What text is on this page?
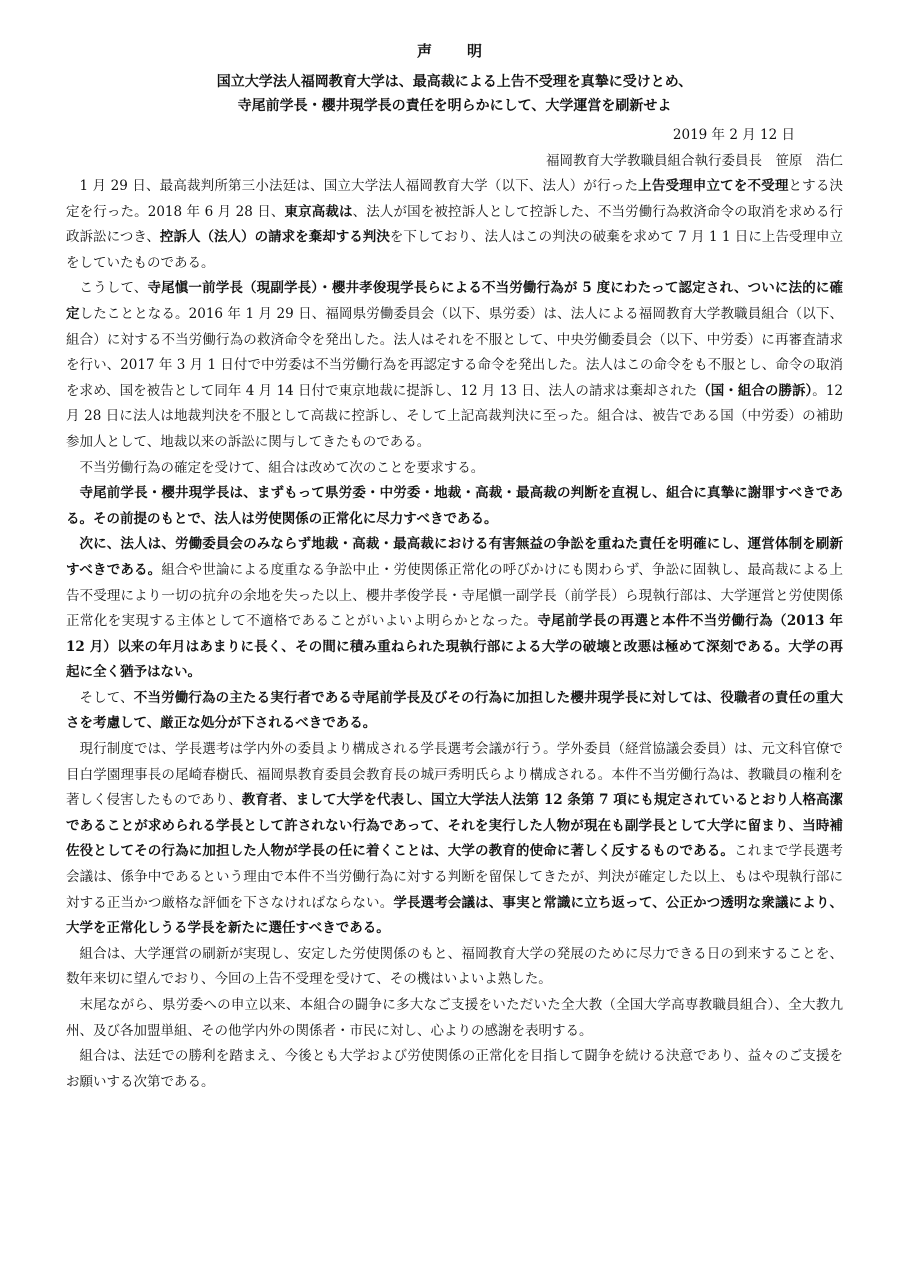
声　明
国立大学法人福岡教育大学は、最高裁による上告不受理を真摯に受けとめ、
寺尾前学長・櫻井現学長の責任を明らかにして、大学運営を刷新せよ
2019 年 2 月 12 日
福岡教育大学教職員組合執行委員長　笹原　浩仁

1 月 29 日、最高裁判所第三小法廷は、国立大学法人福岡教育大学（以下、法人）が行った上告受理申立てを不受理とする決定を行った。2018 年 6 月 28 日、東京高裁は、法人が国を被控訴人として控訴した、不当労働行為救済命令の取消を求める行政訴訟につき、控訴人（法人）の請求を棄却する判決を下しており、法人はこの判決の破棄を求めて 7 月 1 1 日に上告受理申立をしていたものである。

こうして、寺尾愼一前学長（現副学長）・櫻井孝俊現学長らによる不当労働行為が 5 度にわたって認定され、ついに法的に確定したこととなる。2016 年 1 月 29 日、福岡県労働委員会（以下、県労委）は、法人による福岡教育大学教職員組合（以下、組合）に対する不当労働行為の救済命令を発出した。法人はそれを不服として、中央労働委員会（以下、中労委）に再審査請求を行い、2017 年 3 月 1 日付で中労委は不当労働行為を再認定する命令を発出した。法人はこの命令をも不服とし、命令の取消を求め、国を被告として同年 4 月 14 日付で東京地裁に提訴し、12 月 13 日、法人の請求は棄却された（国・組合の勝訴）。12 月 28 日に法人は地裁判決を不服として高裁に控訴し、そして上記高裁判決に至った。組合は、被告である国（中労委）の補助参加人として、地裁以来の訴訟に関与してきたものである。

不当労働行為の確定を受けて、組合は改めて次のことを要求する。

寺尾前学長・櫻井現学長は、まずもって県労委・中労委・地裁・高裁・最高裁の判断を直視し、組合に真摯に謝罪すべきである。その前提のもとで、法人は労使関係の正常化に尽力すべきである。

次に、法人は、労働委員会のみならず地裁・高裁・最高裁における有害無益の争訟を重ねた責任を明確にし、運営体制を刷新すべきである。組合や世論による度重なる争訟中止・労使関係正常化の呼びかけにも関わらず、争訟に固執し、最高裁による上告不受理により一切の抗弁の余地を失った以上、櫻井孝俊学長・寺尾愼一副学長（前学長）ら現執行部は、大学運営と労使関係正常化を実現する主体として不適格であることがいよいよ明らかとなった。寺尾前学長の再選と本件不当労働行為（2013 年 12 月）以来の年月はあまりに長く、その間に積み重ねられた現執行部による大学の破壊と改悪は極めて深刻である。大学の再起に全く猶予はない。

そして、不当労働行為の主たる実行者である寺尾前学長及びその行為に加担した櫻井現学長に対しては、役職者の責任の重大さを考慮して、厳正な処分が下されるべきである。

現行制度では、学長選考は学内外の委員より構成される学長選考会議が行う。学外委員（経営協議会委員）は、元文科官僚で目白学園理事長の尾崎春樹氏、福岡県教育委員会教育長の城戸秀明氏らより構成される。本件不当労働行為は、教職員の権利を著しく侵害したものであり、教育者、まして大学を代表し、国立大学法人法第 12 条第 7 項にも規定されているとおり人格高潔であることが求められる学長として許されない行為であって、それを実行した人物が現在も副学長として大学に留まり、当時補佐役としてその行為に加担した人物が学長の任に着くことは、大学の教育的使命に著しく反するものである。これまで学長選考会議は、係争中であるという理由で本件不当労働行為に対する判断を留保してきたが、判決が確定した以上、もはや現執行部に対する正当かつ厳格な評価を下さなければならない。学長選考会議は、事実と常識に立ち返って、公正かつ透明な衆議により、大学を正常化しうる学長を新たに選任すべきである。

組合は、大学運営の刷新が実現し、安定した労使関係のもと、福岡教育大学の発展のために尽力できる日の到来することを、数年来切に望んでおり、今回の上告不受理を受けて、その機はいよいよ熟した。

末尾ながら、県労委への申立以来、本組合の闘争に多大なご支援をいただいた全大教（全国大学高専教職員組合）、全大教九州、及び各加盟単組、その他学内外の関係者・市民に対し、心よりの感謝を表明する。

組合は、法廷での勝利を踏まえ、今後とも大学および労使関係の正常化を目指して闘争を続ける決意であり、益々のご支援をお願いする次第である。
